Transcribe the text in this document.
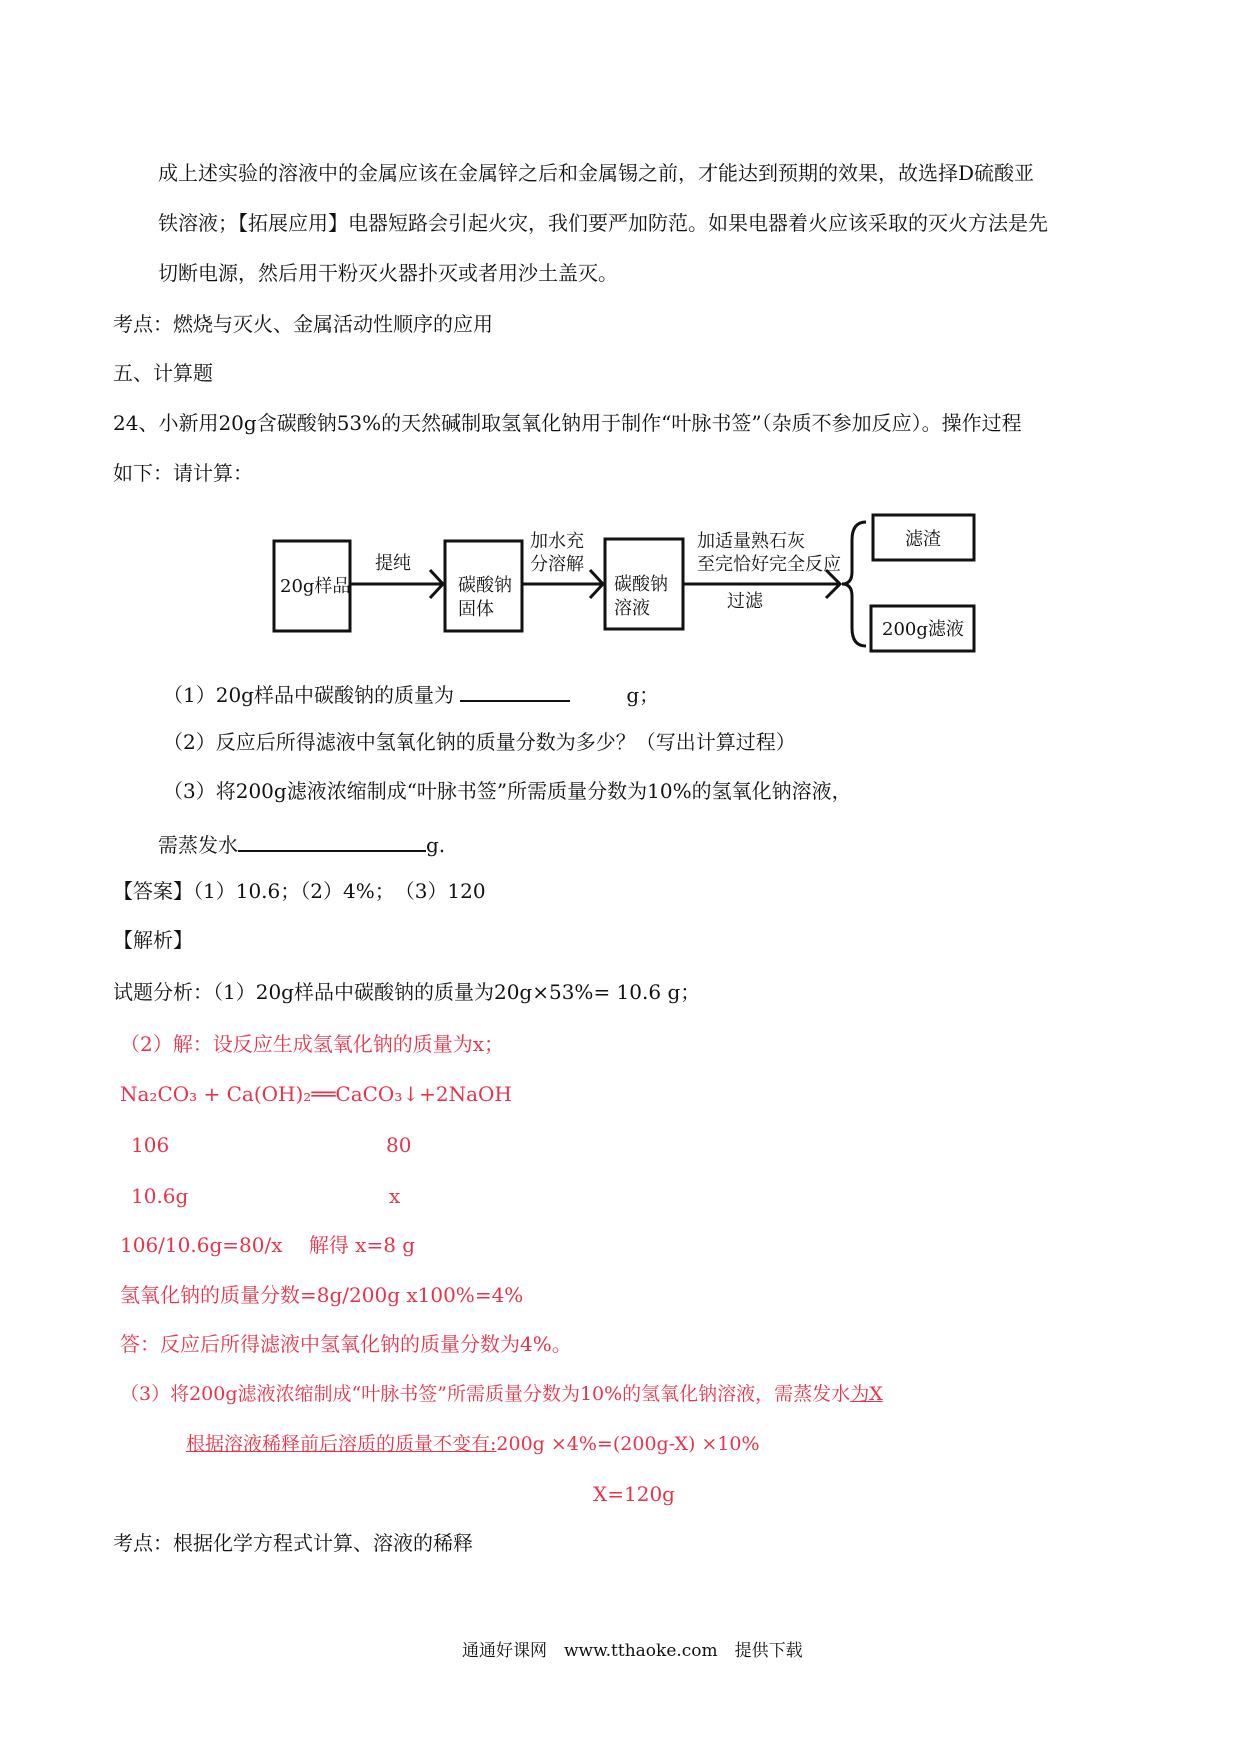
成上述实验的溶液中的金属应该在金属锌之后和金属锡之前，才能达到预期的效果，故选择D硫酸亚
铁溶液；【拓展应用】电器短路会引起火灾，我们要严加防范。如果电器着火应该采取的灭火方法是先
切断电源，然后用干粉灭火器扑灭或者用沙土盖灭。
考点：燃烧与灭火、金属活动性顺序的应用
五、计算题
24、小新用20g含碳酸钠53%的天然碱制取氢氧化钠用于制作“叶脉书签”（杂质不参加反应）。操作过程
如下：请计算：
20g样品
提纯
碳酸钠
固体
加水充
分溶解
碳酸钠
溶液
加适量熟石灰
至完恰好完全反应
过滤
滤渣
200g滤液
（1）20g样品中碳酸钠的质量为	g；
（2）反应后所得滤液中氢氧化钠的质量分数为多少？（写出计算过程）
（3）将200g滤液浓缩制成“叶脉书签”所需质量分数为10%的氢氧化钠溶液，
需蒸发水	g.
【答案】（1）10.6；（2）4%；　（3）120
【解析】
试题分析：（1）20g样品中碳酸钠的质量为20g×53%= 10.6 g；
（2）解：设反应生成氢氧化钠的质量为x；
Na₂CO₃ + Ca(OH)₂══CaCO₃↓+2NaOH
106	80
10.6g	x
106/10.6g=80/x　 解得 x=8 g
氢氧化钠的质量分数=8g/200g x100%=4%
答：反应后所得滤液中氢氧化钠的质量分数为4%。
（3）将200g滤液浓缩制成“叶脉书签”所需质量分数为10%的氢氧化钠溶液，需蒸发水为X
根据溶液稀释前后溶质的质量不变有:200g ×4%=(200g-X) ×10%
X=120g
考点：根据化学方程式计算、溶液的稀释
通通好课网　www.tthaoke.com　提供下载
